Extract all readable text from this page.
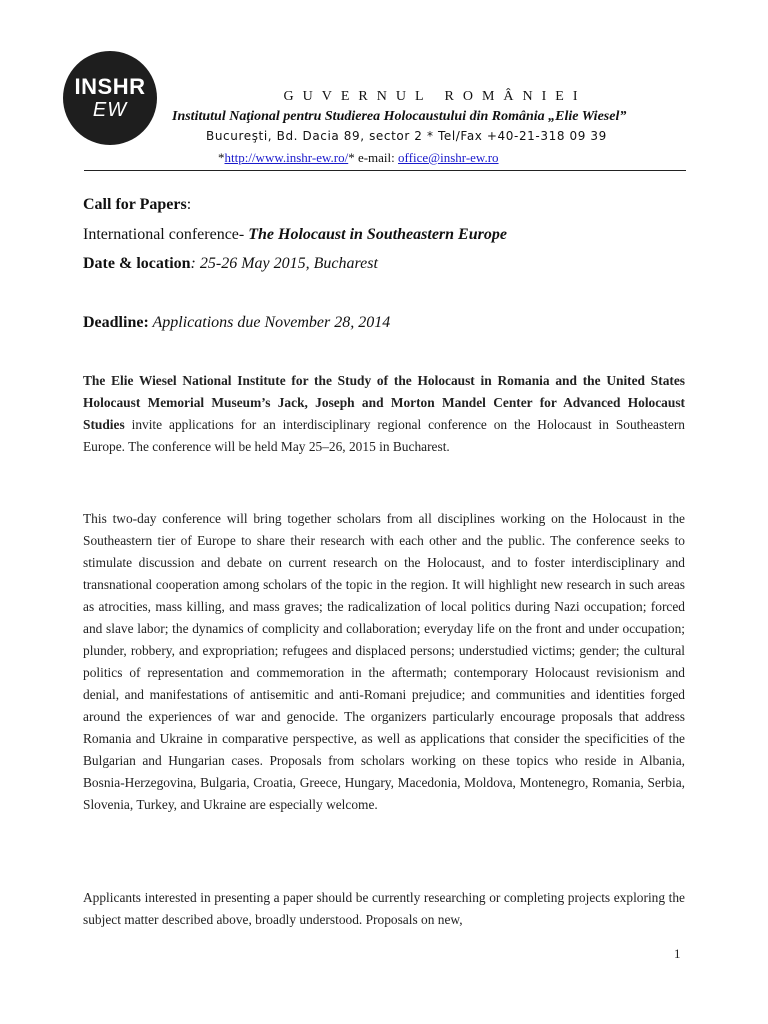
INSHR
EW
GUVERNUL ROMÂNIEI
Institutul Naţional pentru Studierea Holocaustului din România „Elie Wiesel”
Bucureşti, Bd. Dacia 89, sector 2 * Tel/Fax +40-21-318 09 39
*http://www.inshr-ew.ro/* e-mail: office@inshr-ew.ro
Call for Papers:
International conference- The Holocaust in Southeastern Europe
Date & location: 25-26 May 2015, Bucharest
Deadline: Applications due November 28, 2014
The Elie Wiesel National Institute for the Study of the Holocaust in Romania and the United States Holocaust Memorial Museum’s Jack, Joseph and Morton Mandel Center for Advanced Holocaust Studies invite applications for an interdisciplinary regional conference on the Holocaust in Southeastern Europe. The conference will be held May 25–26, 2015 in Bucharest.
This two-day conference will bring together scholars from all disciplines working on the Holocaust in the Southeastern tier of Europe to share their research with each other and the public. The conference seeks to stimulate discussion and debate on current research on the Holocaust, and to foster interdisciplinary and transnational cooperation among scholars of the topic in the region. It will highlight new research in such areas as atrocities, mass killing, and mass graves; the radicalization of local politics during Nazi occupation; forced and slave labor; the dynamics of complicity and collaboration; everyday life on the front and under occupation; plunder, robbery, and expropriation; refugees and displaced persons; understudied victims; gender; the cultural politics of representation and commemoration in the aftermath; contemporary Holocaust revisionism and denial, and manifestations of antisemitic and anti-Romani prejudice; and communities and identities forged around the experiences of war and genocide. The organizers particularly encourage proposals that address Romania and Ukraine in comparative perspective, as well as applications that consider the specificities of the Bulgarian and Hungarian cases. Proposals from scholars working on these topics who reside in Albania, Bosnia-Herzegovina, Bulgaria, Croatia, Greece, Hungary, Macedonia, Moldova, Montenegro, Romania, Serbia, Slovenia, Turkey, and Ukraine are especially welcome.
Applicants interested in presenting a paper should be currently researching or completing projects exploring the subject matter described above, broadly understood. Proposals on new,
1
